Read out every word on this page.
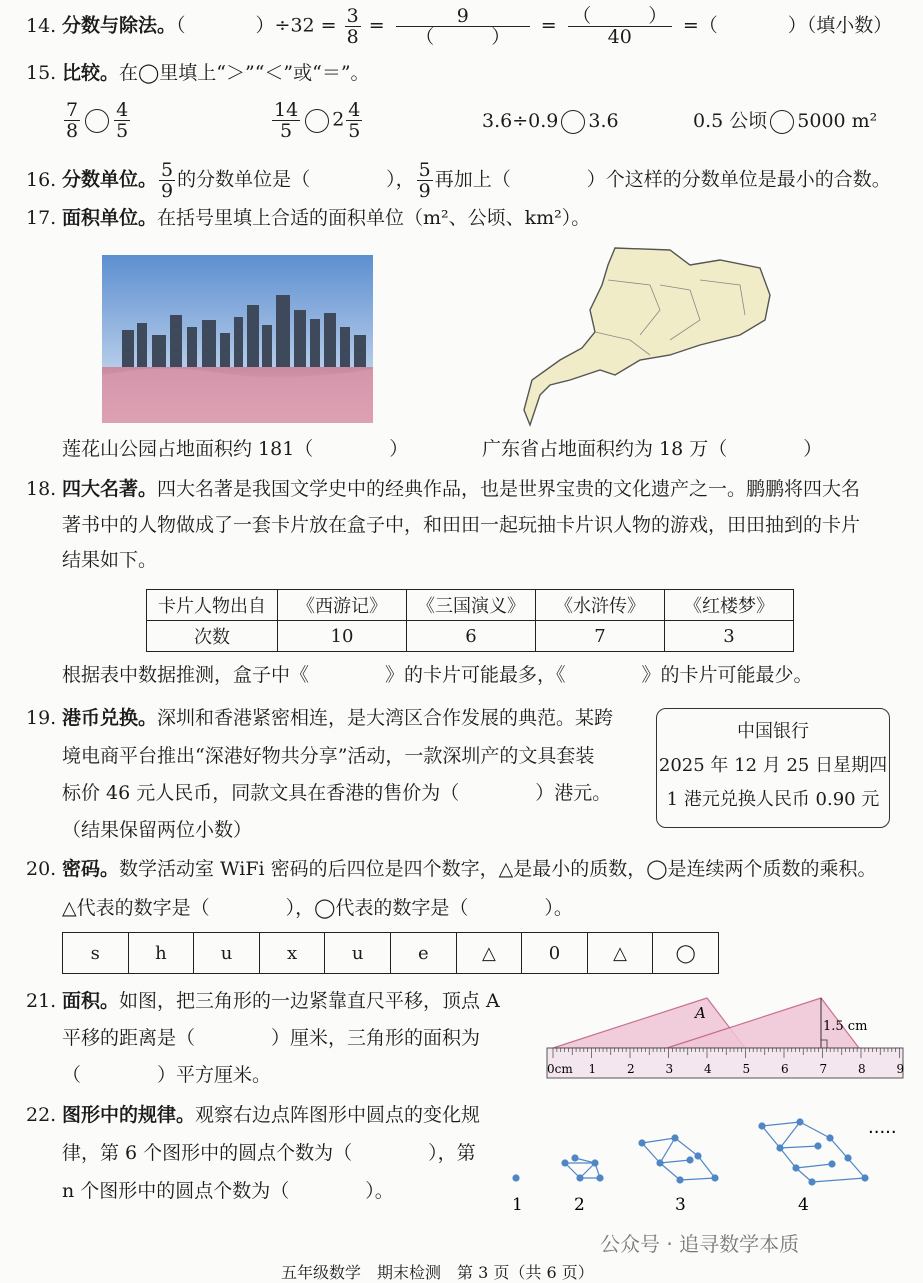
14. 分数与除法。（	）$\div 32 = \frac{3}{8} = \frac{9}{( )} = \frac{( )}{40}$ =（	）（填小数）
15. 比较。在◯里填上“＞”“＜”或“＝”。
$\frac{7}{8} \frac{4}{5}$	$\frac{14}{5} 2 \frac{4}{5}$	3.6÷0.9 3.6	0.5 公顷 5000 m²
16. 分数单位。 $\frac{5}{9}$ 的分数单位是（　　　　）， $\frac{5}{9}$ 再加上（　　　　）个这样的分数单位是最小的合数。
17. 面积单位。在括号里填上合适的面积单位（m²、公顷、km²）。
莲花山公园占地面积约 181（　　　　）	广东省占地面积约为 18 万（　　　　）
18. 四大名著。四大名著是我国文学史中的经典作品，也是世界宝贵的文化遗产之一。鹏鹏将四大名
著书中的人物做成了一套卡片放在盒子中，和田田一起玩抽卡片识人物的游戏，田田抽到的卡片
结果如下。
卡片人物出自	《西游记》	《三国演义》	《水浒传》	《红楼梦》
次数	10	6	7	3
根据表中数据推测，盒子中《　　　　》的卡片可能最多，《　　　　》的卡片可能最少。
19. 港币兑换。深圳和香港紧密相连，是大湾区合作发展的典范。某跨
境电商平台推出“深港好物共分享”活动，一款深圳产的文具套装
标价 46 元人民币，同款文具在香港的售价为（　　　　）港元。
（结果保留两位小数）
中国银行
2025 年 12 月 25 日星期四
1 港元兑换人民币 0.90 元
20. 密码。数学活动室 WiFi 密码的后四位是四个数字，△是最小的质数，◯是连续两个质数的乘积。
△代表的数字是（　　　　），◯代表的数字是（　　　　）。
s	h	u	x	u	e	△	0	△	◯
21. 面积。如图，把三角形的一边紧靠直尺平移，顶点 A
平移的距离是（　　　　）厘米，三角形的面积为
（　　　　）平方厘米。
A
1.5 cm
0cm 1	2	3	4	5	6	7	8	9
22. 图形中的规律。观察右边点阵图形中圆点的变化规
律，第 6 个图形中的圆点个数为（　　　　），第
n 个图形中的圆点个数为（　　　　）。
·····
1	2	3	4
公众号 · 追寻数学本质
五年级数学　期末检测　第 3 页（共 6 页）
